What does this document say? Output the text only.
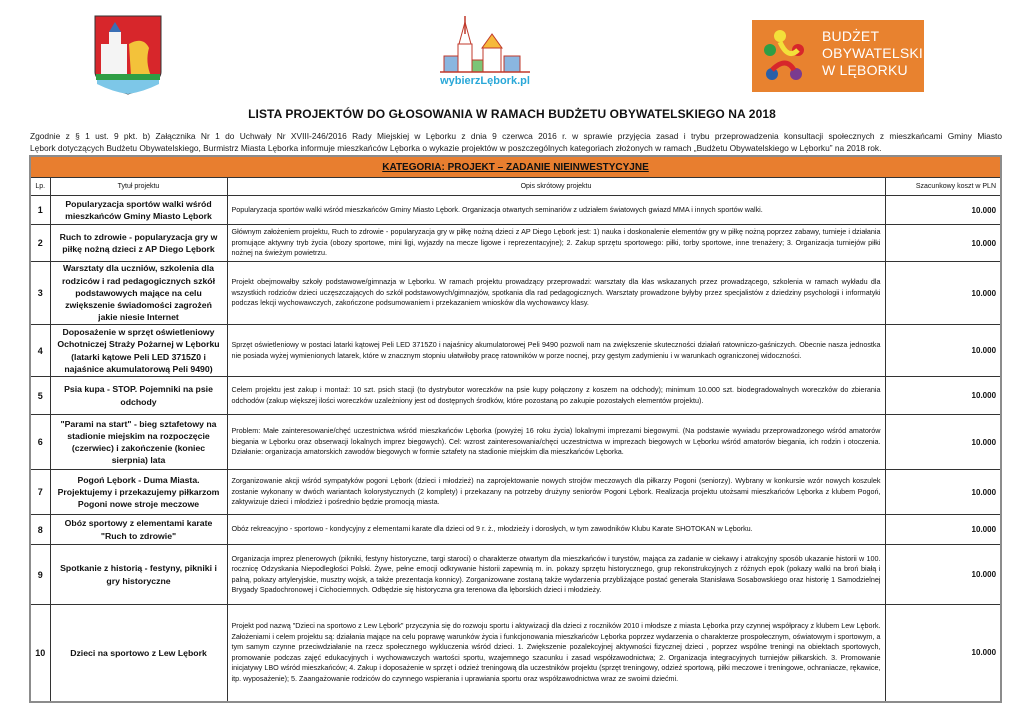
wybierzLębork.pl
BUDŻET
OBYWATELSKI
W LĘBORKU
LISTA PROJEKTÓW DO GŁOSOWANIA W RAMACH BUDŻETU OBYWATELSKIEGO NA 2018
Zgodnie z § 1 ust. 9 pkt. b) Załącznika Nr 1 do Uchwały Nr XVIII-246/2016 Rady Miejskiej w Lęborku z dnia 9 czerwca 2016 r. w sprawie przyjęcia zasad i trybu przeprowadzenia konsultacji społecznych z mieszkańcami Gminy Miasto
Lębork dotyczących Budżetu Obywatelskiego, Burmistrz Miasta Lęborka informuje mieszkańców Lęborka o wykazie projektów w poszczególnych kategoriach złożonych w ramach „Budżetu Obywatelskiego w Lęborku” na 2018 rok.
KATEGORIA: PROJEKT – ZADANIE NIEINWESTYCYJNE			
Lp.	Tytuł projektu	Opis skrótowy projektu	Szacunkowy koszt w PLN
1	Popularyzacja sportów walki wśród mieszkańców Gminy Miasto Lębork	Popularyzacja sportów walki wśród mieszkańców Gminy Miasto Lębork. Organizacja otwartych seminariów z udziałem światowych gwiazd MMA i innych sportów walki.	10.000
2	Ruch to zdrowie - popularyzacja gry w piłkę nożną dzieci z AP Diego Lębork	Głównym założeniem projektu, Ruch to zdrowie - popularyzacja gry w piłkę nożną dzieci z AP Diego Lębork jest: 1) nauka i doskonalenie elementów gry w piłkę nożną poprzez zabawy, turnieje i działania promujące aktywny tryb życia (obozy sportowe, mini ligi, wyjazdy na mecze ligowe i reprezentacyjne); 2. Zakup sprzętu sportowego: piłki, torby sportowe, inne trenażery; 3. Organizacja turniejów piłki nożnej na świeżym powietrzu.	10.000
3	Warsztaty dla uczniów, szkolenia dla rodziców i rad pedagogicznych szkół podstawowych mające na celu zwiększenie świadomości zagrożeń jakie niesie Internet	Projekt obejmowałby szkoły podstawowe/gimnazja w Lęborku. W ramach projektu prowadzący przeprowadzi: warsztaty dla klas wskazanych przez prowadzącego, szkolenia w ramach wykładu dla wszystkich rodziców dzieci uczęszczających do szkół podstawowych/gimnazjów, spotkania dla rad pedagogicznych. Warsztaty prowadzone byłyby przez specjalistów z dziedziny psychologii i informatyki podczas lekcji wychowawczych, zakończone podsumowaniem i przekazaniem wniosków dla wychowawcy klasy.	10.000
4	Doposażenie w sprzęt oświetleniowy Ochotniczej Straży Pożarnej w Lęborku (latarki kątowe Peli LED 3715Z0 i najaśnice akumulatorową Peli 9490)	Sprzęt oświetleniowy w postaci latarki kątowej Peli LED 3715Z0 i najaśnicy akumulatorowej Peli 9490 pozwoli nam na zwiększenie skuteczności działań ratowniczo-gaśniczych. Obecnie nasza jednostka nie posiada wyżej wymienionych latarek, które w znacznym stopniu ułatwiłoby pracę ratowników w porze nocnej, przy gęstym zadymieniu i w warunkach ograniczonej widoczności.	10.000
5	Psia kupa - STOP. Pojemniki na psie odchody	Celem projektu jest zakup i montaż: 10 szt. psich stacji (to dystrybutor woreczków na psie kupy połączony z koszem na odchody); minimum 10.000 szt. biodegradowalnych woreczków do zbierania odchodów (zakup większej ilości woreczków uzależniony jest od dostępnych środków, które pozostaną po zakupie pozostałych elementów projektu).	10.000
6	"Parami na start" - bieg sztafetowy na stadionie miejskim na rozpoczęcie (czerwiec) i zakończenie (koniec sierpnia) lata	Problem: Małe zainteresowanie/chęć uczestnictwa wśród mieszkańców Lęborka (powyżej 16 roku życia) lokalnymi imprezami biegowymi. (Na podstawie wywiadu przeprowadzonego wśród amatorów biegania w Lęborku oraz obserwacji lokalnych imprez biegowych). Cel: wzrost zainteresowania/chęci uczestnictwa w imprezach biegowych w Lęborku wśród amatorów biegania, ich rodzin i otoczenia. Działanie: organizacja amatorskich zawodów biegowych w formie sztafety na stadionie miejskim dla mieszkańców Lęborka.	10.000
7	Pogoń Lębork - Duma Miasta. Projektujemy i przekazujemy piłkarzom Pogoni nowe stroje meczowe	Zorganizowanie akcji wśród sympatyków pogoni Lębork (dzieci i młodzież) na zaprojektowanie nowych strojów meczowych dla piłkarzy Pogoni (seniorzy). Wybrany w konkursie wzór nowych koszulek zostanie wykonany w dwóch wariantach kolorystycznych (2 komplety) i przekazany na potrzeby drużyny seniorów Pogoni Lębork. Realizacja projektu utożsami mieszkańców Lęborka z klubem Pogoń, zaktywizuje dzieci i młodzież i pośrednio będzie promocją miasta.	10.000
8	Obóz sportowy z elementami karate "Ruch to zdrowie"	Obóz rekreacyjno - sportowo - kondycyjny z elementami karate dla dzieci od 9 r. ż., młodzieży i dorosłych, w tym zawodników Klubu Karate SHOTOKAN w Lęborku.	10.000
9	Spotkanie z historią - festyny, pikniki i gry historyczne	Organizacja imprez plenerowych (pikniki, festyny historyczne, targi staroci) o charakterze otwartym dla mieszkańców i turystów, mająca za zadanie w ciekawy i atrakcyjny sposób ukazanie historii w 100. rocznicę Odzyskania Niepodległości Polski. Żywe, pełne emocji odkrywanie historii zapewnią m. in. pokazy sprzętu historycznego, grup rekonstrukcyjnych z różnych epok (pokazy walki na broń białą i palną, pokazy artyleryjskie, musztry wojsk, a także prezentacja konnicy). Zorganizowane zostaną także wydarzenia przybliżające postać generała Stanisława Sosabowskiego oraz historię 1 Samodzielnej Brygady Spadochronowej i Cichociemnych. Odbędzie się historyczna gra terenowa dla lęborskich dzieci i młodzieży.	10.000
10	Dzieci na sportowo z Lew Lębork	Projekt pod nazwą "Dzieci na sportowo z Lew Lębork" przyczynia się do rozwoju sportu i aktywizacji dla dzieci z roczników 2010 i młodsze z miasta Lęborka przy czynnej współpracy z klubem Lew Lębork. Założeniami i celem projektu są: działania mające na celu poprawę warunków życia i funkcjonowania mieszkańców Lęborka poprzez wydarzenia o charakterze prospołecznym, oświatowym i sportowym, a tym samym czynne przeciwdziałanie na rzecz społecznego wykluczenia wśród dzieci. 1. Zwiększenie pozalekcyjnej aktywności fizycznej dzieci , poprzez wspólne treningi na obiektach sportowych, promowanie podczas zajęć edukacyjnych i wychowawczych wartości sportu, wzajemnego szacunku i zasad współzawodnictwa; 2. Organizacja integracyjnych turniejów piłkarskich. 3. Promowanie inicjatywy LBO wśród mieszkańców; 4. Zakup i doposażenie w sprzęt i odzież treningową dla uczestników projektu (sprzęt treningowy, odzież sportową, piłki meczowe i treningowe, ochraniacze, rękawice, itp. wyposażenie); 5. Zaangażowanie rodziców do czynnego wspierania i uprawiania sportu oraz współzawodnictwa wraz ze swoimi dziećmi.	10.000
